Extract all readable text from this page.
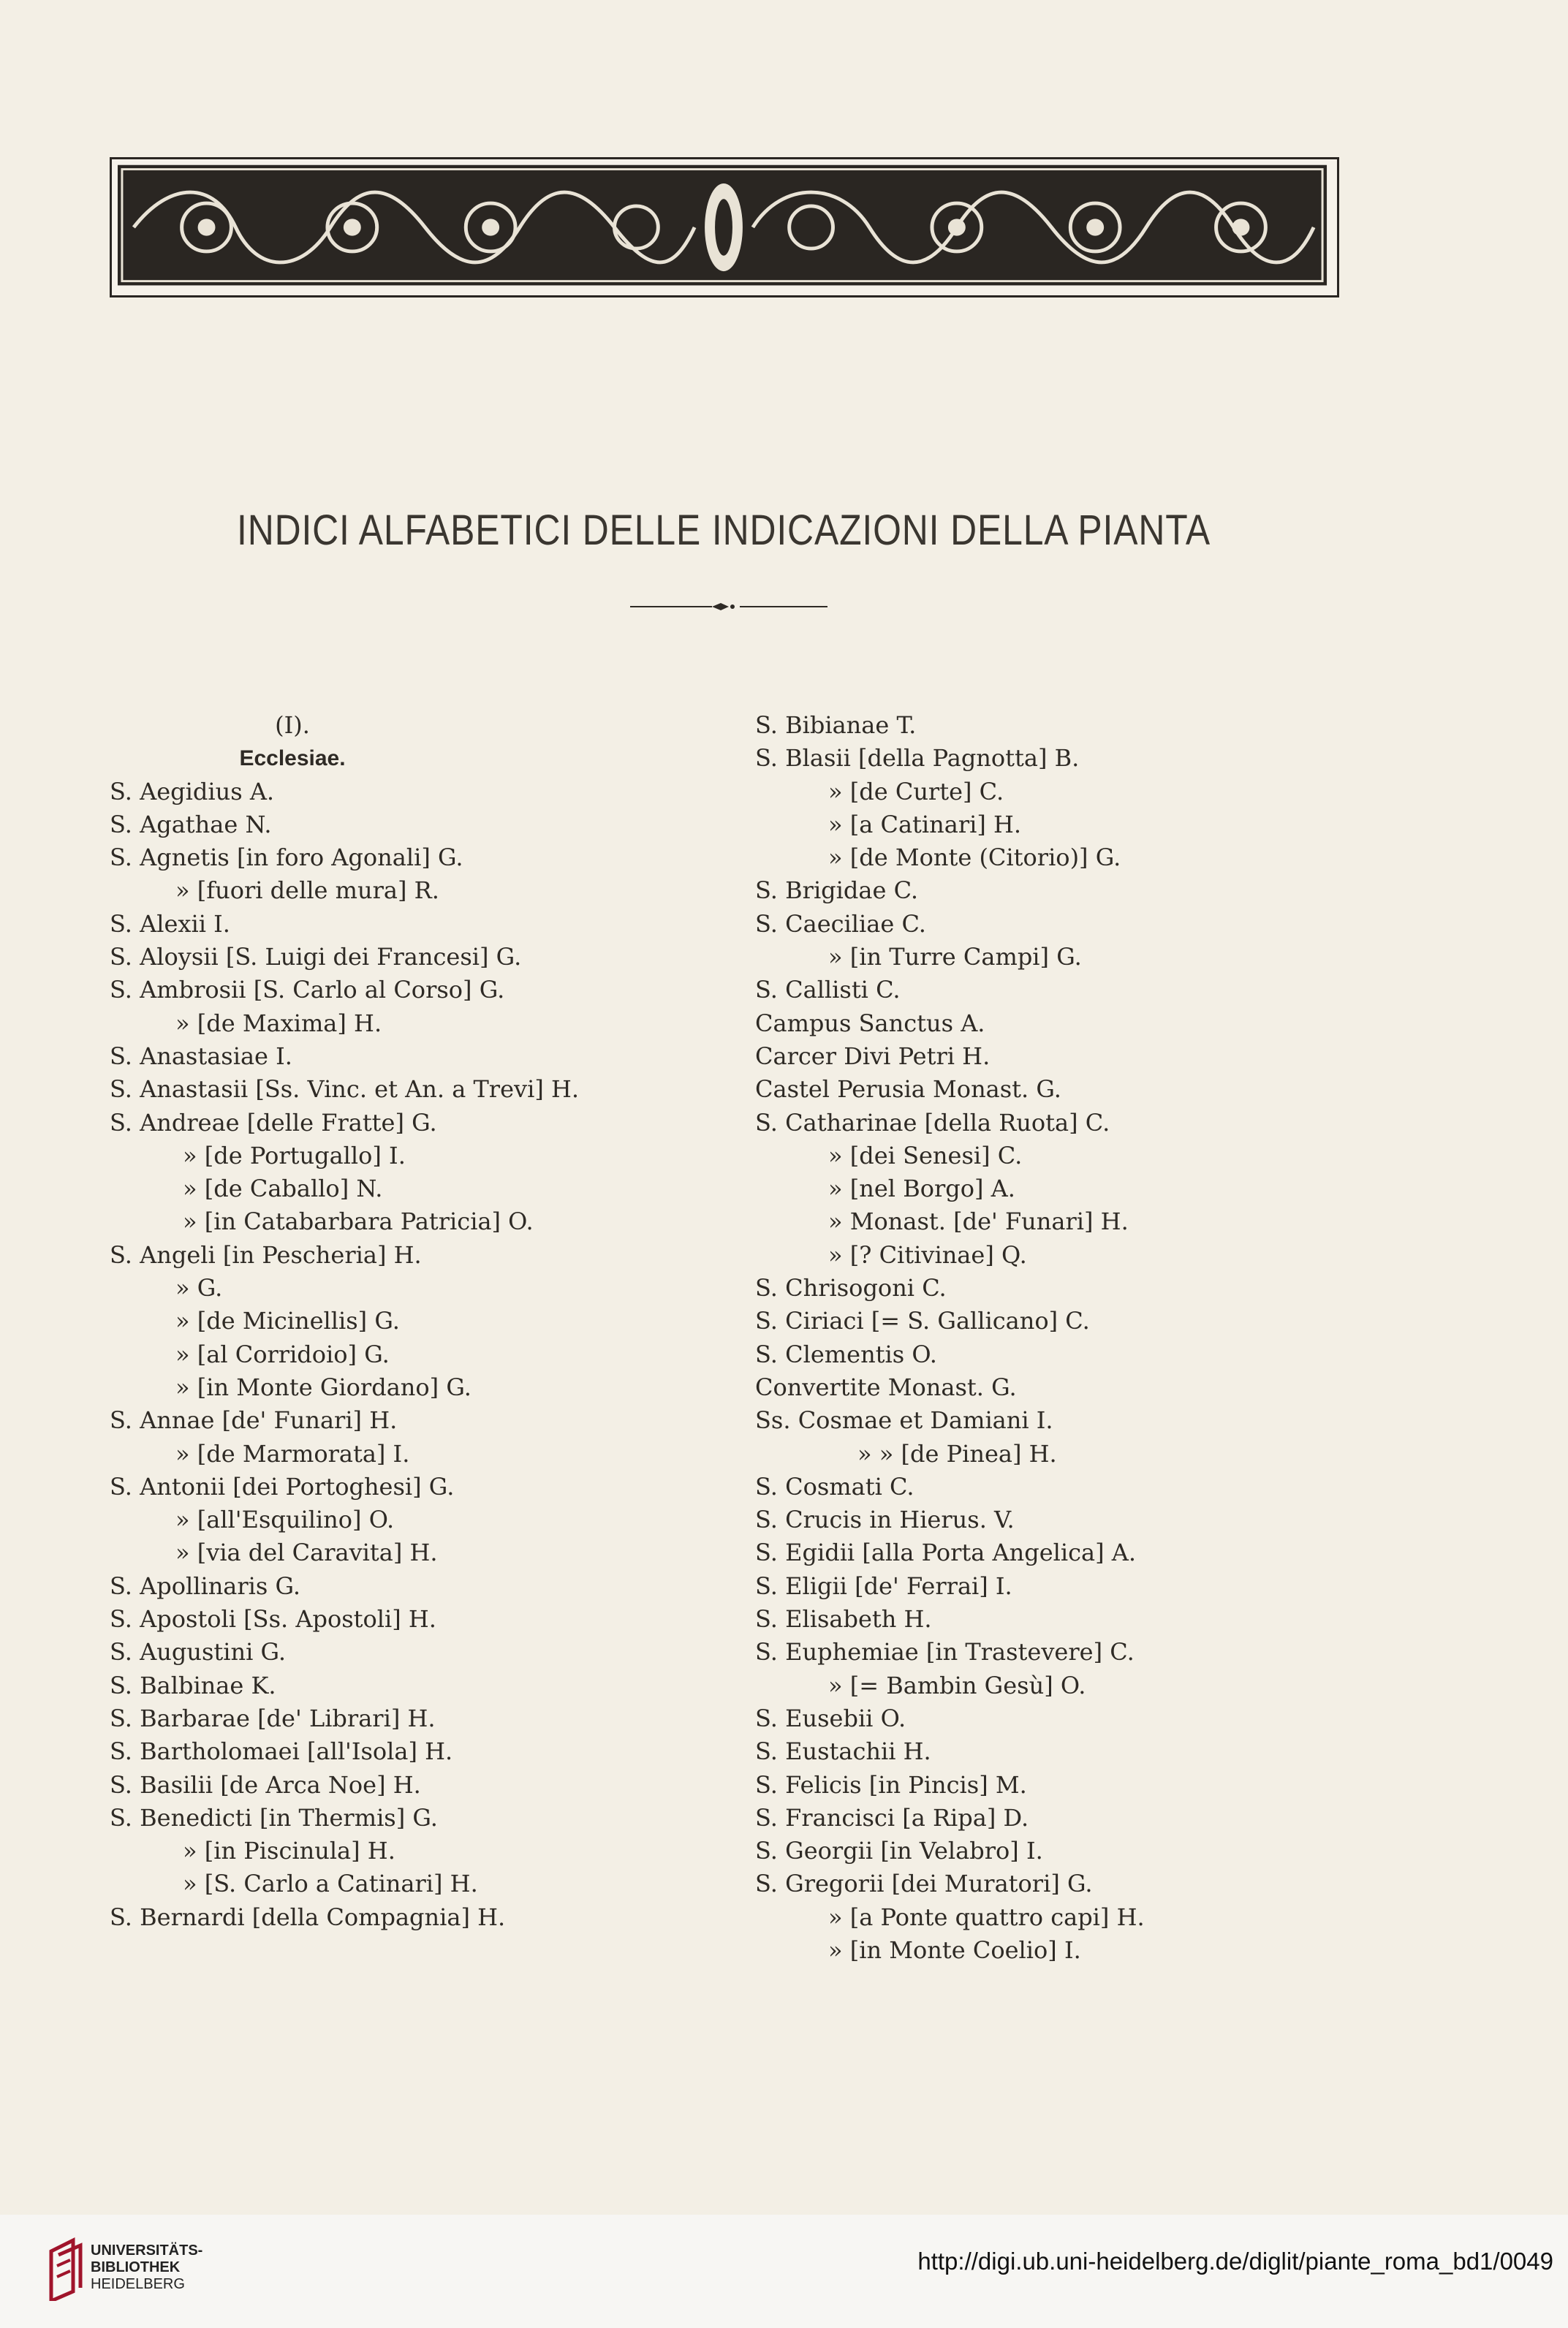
INDICI ALFABETICI DELLE INDICAZIONI DELLA PIANTA
(I).
Ecclesiae.
S. Aegidius A.
S. Agathae N.
S. Agnetis [in foro Agonali] G.
» [fuori delle mura] R.
S. Alexii I.
S. Aloysii [S. Luigi dei Francesi] G.
S. Ambrosii [S. Carlo al Corso] G.
» [de Maxima] H.
S. Anastasiae I.
S. Anastasii [Ss. Vinc. et An. a Trevi] H.
S. Andreae [delle Fratte] G.
» [de Portugallo] I.
» [de Caballo] N.
» [in Catabarbara Patricia] O.
S. Angeli [in Pescheria] H.
» G.
» [de Micinellis] G.
» [al Corridoio] G.
» [in Monte Giordano] G.
S. Annae [de' Funari] H.
» [de Marmorata] I.
S. Antonii [dei Portoghesi] G.
» [all'Esquilino] O.
» [via del Caravita] H.
S. Apollinaris G.
S. Apostoli [Ss. Apostoli] H.
S. Augustini G.
S. Balbinae K.
S. Barbarae [de' Librari] H.
S. Bartholomaei [all'Isola] H.
S. Basilii [de Arca Noe] H.
S. Benedicti [in Thermis] G.
» [in Piscinula] H.
» [S. Carlo a Catinari] H.
S. Bernardi [della Compagnia] H.
S. Bibianae T.
S. Blasii [della Pagnotta] B.
» [de Curte] C.
» [a Catinari] H.
» [de Monte (Citorio)] G.
S. Brigidae C.
S. Caeciliae C.
» [in Turre Campi] G.
S. Callisti C.
Campus Sanctus A.
Carcer Divi Petri H.
Castel Perusia Monast. G.
S. Catharinae [della Ruota] C.
» [dei Senesi] C.
» [nel Borgo] A.
» Monast. [de' Funari] H.
» [? Citivinae] Q.
S. Chrisogoni C.
S. Ciriaci [= S. Gallicano] C.
S. Clementis O.
Convertite Monast. G.
Ss. Cosmae et Damiani I.
» » [de Pinea] H.
S. Cosmati C.
S. Crucis in Hierus. V.
S. Egidii [alla Porta Angelica] A.
S. Eligii [de' Ferrai] I.
S. Elisabeth H.
S. Euphemiae [in Trastevere] C.
» [= Bambin Gesù] O.
S. Eusebii O.
S. Eustachii H.
S. Felicis [in Pincis] M.
S. Francisci [a Ripa] D.
S. Georgii [in Velabro] I.
S. Gregorii [dei Muratori] G.
» [a Ponte quattro capi] H.
» [in Monte Coelio] I.
UNIVERSITÄTS-
BIBLIOTHEK
HEIDELBERG
http://digi.ub.uni-heidelberg.de/diglit/piante_roma_bd1/0049
